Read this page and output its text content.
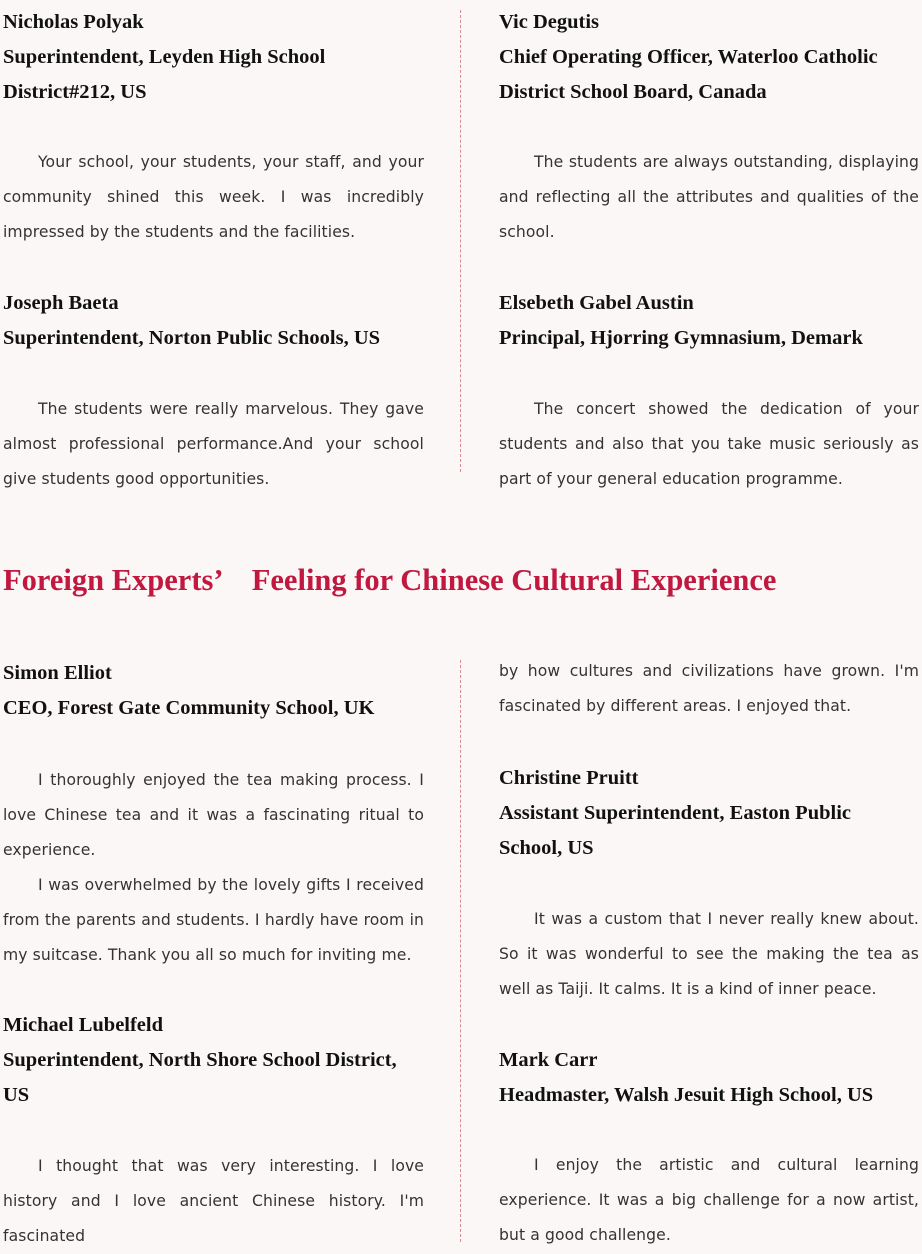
Nicholas Polyak

Superintendent, Leyden High School

District#212, US

Your school, your students, your staff, and your community shined this week. I was incredibly impressed by the students and the facilities.

Joseph Baeta

Superintendent, Norton Public Schools, US

The students were really marvelous. They gave almost professional performance.And your school give students good opportunities.

Vic Degutis

Chief Operating Officer, Waterloo Catholic

District School Board, Canada

The students are always outstanding, displaying and reflecting all the attributes and qualities of the school.

Elsebeth Gabel Austin

Principal, Hjorring Gymnasium, Demark

The concert showed the dedication of your students and also that you take music seriously as part of your general education programme.

Foreign Experts’　Feeling for Chinese Cultural Experience

Simon Elliot

CEO, Forest Gate Community School, UK

I thoroughly enjoyed the tea making process. I love Chinese tea and it was a fascinating ritual to experience.

I was overwhelmed by the lovely gifts I received from the parents and students. I hardly have room in my suitcase. Thank you all so much for inviting me.

Michael Lubelfeld

Superintendent, North Shore School District,

US

I thought that was very interesting. I love history and I love ancient Chinese history. I'm fascinated

by how cultures and civilizations have grown. I'm fascinated by different areas. I enjoyed that.

Christine Pruitt

Assistant Superintendent, Easton Public

School, US

It was a custom that I never really knew about. So it was wonderful to see the making the tea as well as Taiji. It calms. It is a kind of inner peace.

Mark Carr

Headmaster, Walsh Jesuit High School, US

I enjoy the artistic and cultural learning experience. It was a big challenge for a now artist, but a good challenge.
